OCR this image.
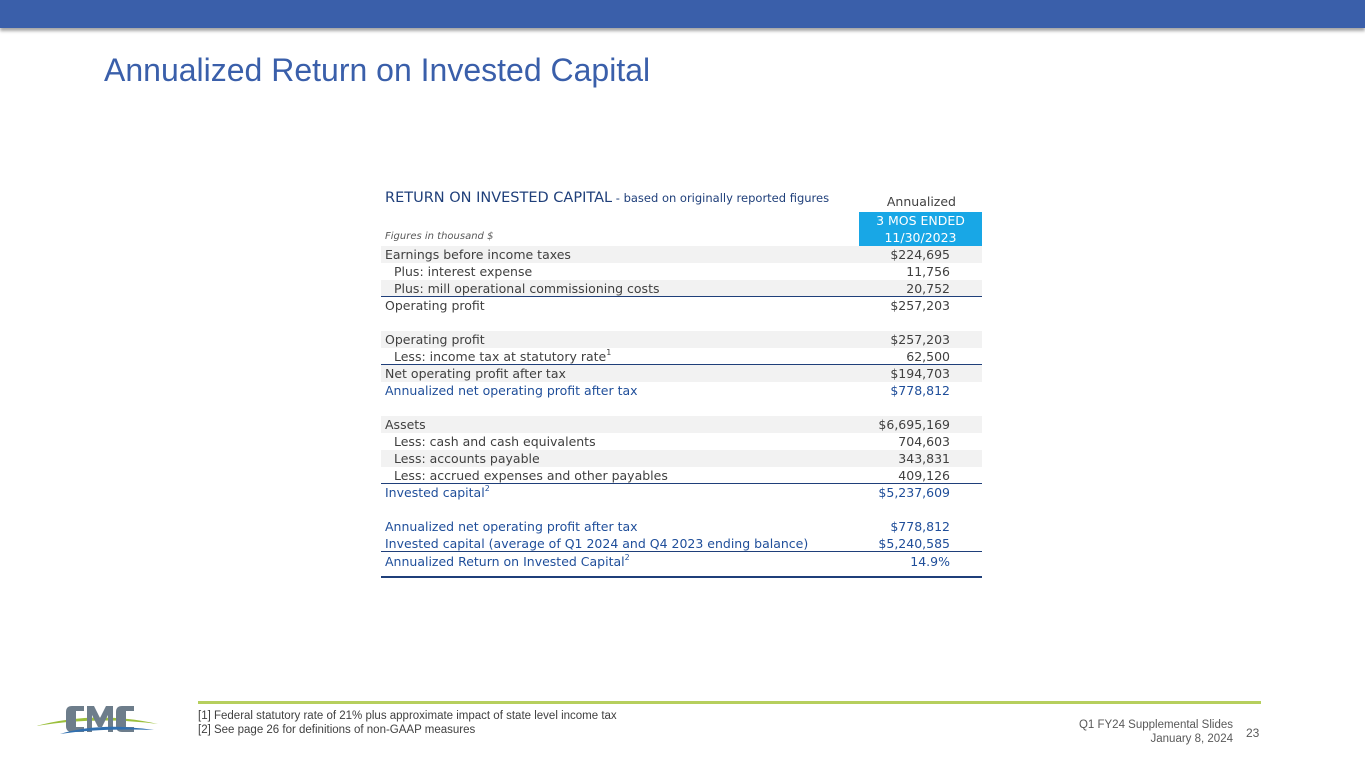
Annualized Return on Invested Capital
RETURN ON INVESTED CAPITAL - based on originally reported figures	Annualized
3 MOS ENDED
11/30/2023
Figures in thousand $
Earnings before income taxes	$224,695
Plus: interest expense	11,756
Plus: mill operational commissioning costs	20,752
Operating profit	$257,203
Operating profit	$257,203
Less: income tax at statutory rate$^1$	62,500
Net operating profit after tax	$194,703
Annualized net operating profit after tax	$778,812
Assets	$6,695,169
Less: cash and cash equivalents	704,603
Less: accounts payable	343,831
Less: accrued expenses and other payables	409,126
Invested capital$^2$	$5,237,609
Annualized net operating profit after tax	$778,812
Invested capital (average of Q1 2024 and Q4 2023 ending balance)	$5,240,585
Annualized Return on Invested Capital$^2$	14.9%
[1] Federal statutory rate of 21% plus approximate impact of state level income tax
[2] See page 26 for definitions of non-GAAP measures	Q1 FY24 Supplemental Slides
January 8, 2024 23
